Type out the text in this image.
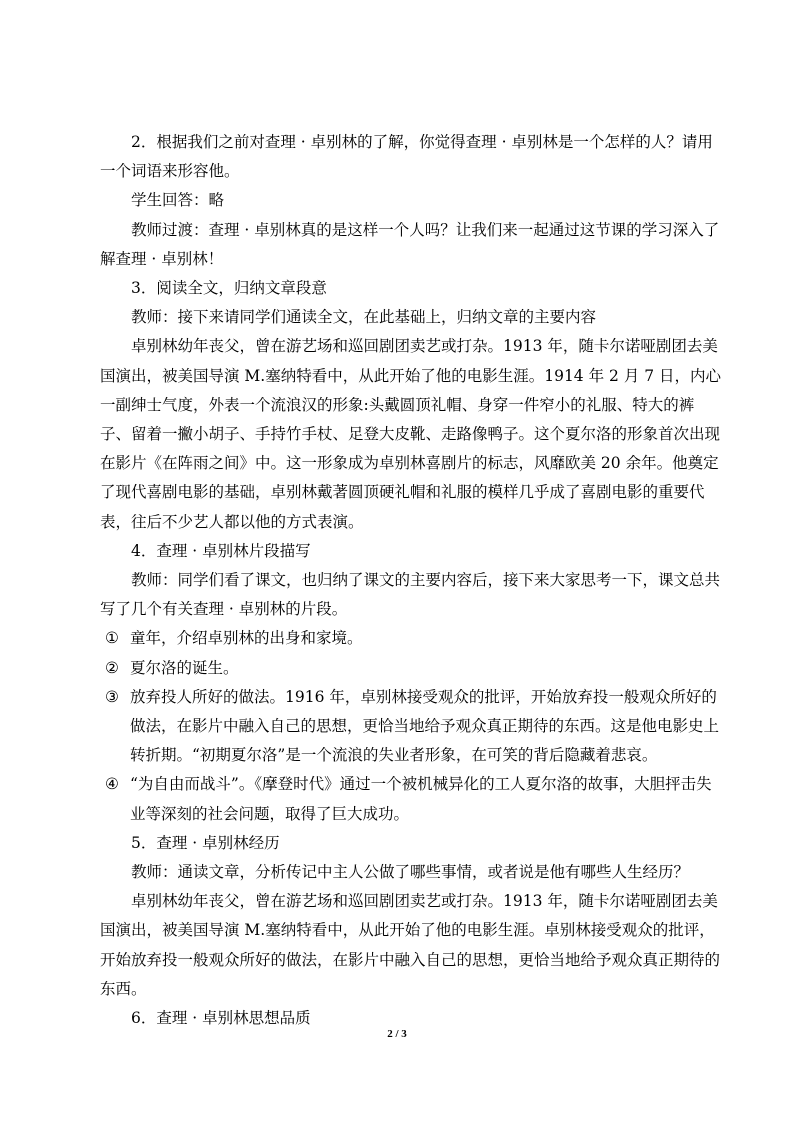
2．根据我们之前对查理 · 卓别林的了解，你觉得查理 · 卓别林是一个怎样的人？请用一个词语来形容他。

学生回答：略

教师过渡：查理 · 卓别林真的是这样一个人吗？让我们来一起通过这节课的学习深入了解查理 · 卓别林！

3．阅读全文，归纳文章段意

教师：接下来请同学们通读全文，在此基础上，归纳文章的主要内容

卓别林幼年丧父，曾在游艺场和巡回剧团卖艺或打杂。1913 年，随卡尔诺哑剧团去美国演出，被美国导演 M.塞纳特看中，从此开始了他的电影生涯。1914 年 2 月 7 日，内心一副绅士气度，外表一个流浪汉的形象:头戴圆顶礼帽、身穿一件窄小的礼服、特大的裤子、留着一撇小胡子、手持竹手杖、足登大皮靴、走路像鸭子。这个夏尔洛的形象首次出现在影片《在阵雨之间》中。这一形象成为卓别林喜剧片的标志，风靡欧美 20 余年。他奠定了现代喜剧电影的基础，卓别林戴著圆顶硬礼帽和礼服的模样几乎成了喜剧电影的重要代表，往后不少艺人都以他的方式表演。

4．查理 · 卓别林片段描写

教师：同学们看了课文，也归纳了课文的主要内容后，接下来大家思考一下，课文总共写了几个有关查理 · 卓别林的片段。

① 童年，介绍卓别林的出身和家境。
② 夏尔洛的诞生。
③ 放弃投人所好的做法。1916 年，卓别林接受观众的批评，开始放弃投一般观众所好的做法，在影片中融入自己的思想，更恰当地给予观众真正期待的东西。这是他电影史上转折期。“初期夏尔洛”是一个流浪的失业者形象，在可笑的背后隐藏着悲哀。
④ “为自由而战斗”。《摩登时代》通过一个被机械异化的工人夏尔洛的故事，大胆抨击失业等深刻的社会问题，取得了巨大成功。

5．查理 · 卓别林经历

教师：通读文章，分析传记中主人公做了哪些事情，或者说是他有哪些人生经历？

卓别林幼年丧父，曾在游艺场和巡回剧团卖艺或打杂。1913 年，随卡尔诺哑剧团去美国演出，被美国导演 M.塞纳特看中，从此开始了他的电影生涯。卓别林接受观众的批评，开始放弃投一般观众所好的做法，在影片中融入自己的思想，更恰当地给予观众真正期待的东西。

6．查理 · 卓别林思想品质

2 / 3
